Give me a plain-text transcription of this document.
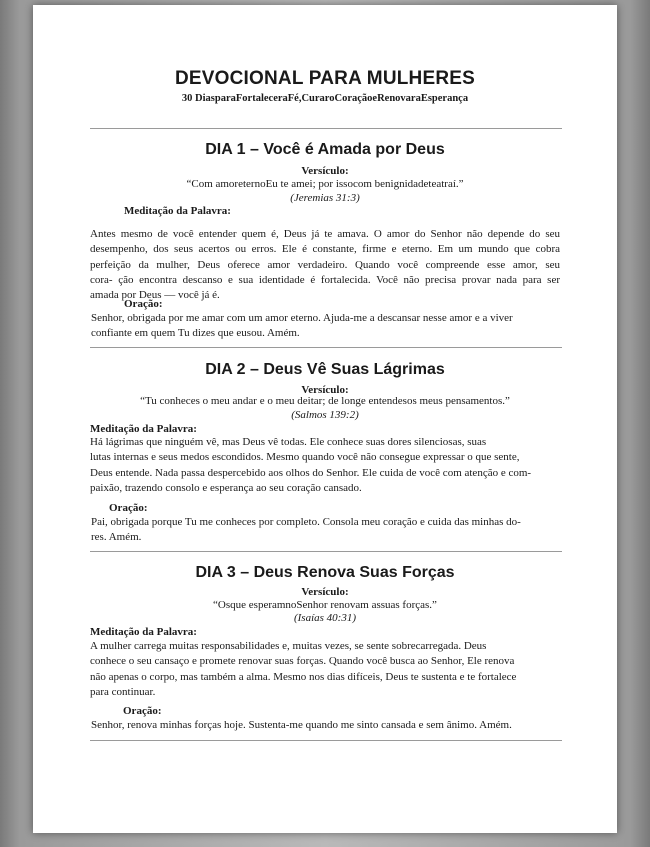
DEVOCIONAL PARA MULHERES
30 DiasparaFortaleceraFé,CuraroCoraçãoeRenovaraEsperança
DIA 1 – Você é Amada por Deus
Versículo:
“Com amoreternoEu te amei; por issocom benignidadeteatraí.”
(Jeremias 31:3)
Meditação da Palavra:
Antes mesmo de você entender quem é, Deus já te amava. O amor do Senhor não depende do seu
desempenho, dos seus acertos ou erros. Ele é constante, firme e eterno. Em um mundo que cobra
perfeição da mulher, Deus oferece amor verdadeiro. Quando você compreende esse amor, seu
cora- ção encontra descanso e sua identidade é fortalecida. Você não precisa provar nada para ser
amada por Deus — você já é.
Oração:
Senhor, obrigada por me amar com um amor eterno. Ajuda-me a descansar nesse amor e a viver
confiante em quem Tu dizes que eusou. Amém.
DIA 2 – Deus Vê Suas Lágrimas
Versículo:
“Tu conheces o meu andar e o meu deitar; de longe entendesos meus pensamentos.”
(Salmos 139:2)
Meditação da Palavra:
Há lágrimas que ninguém vê, mas Deus vê todas. Ele conhece suas dores silenciosas, suas
lutas internas e seus medos escondidos. Mesmo quando você não consegue expressar o que sente,
Deus entende. Nada passa despercebido aos olhos do Senhor. Ele cuida de você com atenção e com-
paixão, trazendo consolo e esperança ao seu coração cansado.
Oração:
Pai, obrigada porque Tu me conheces por completo. Consola meu coração e cuida das minhas do-
res. Amém.
DIA 3 – Deus Renova Suas Forças
Versículo:
“Osque esperamnoSenhor renovam assuas forças.”
(Isaías 40:31)
Meditação da Palavra:
A mulher carrega muitas responsabilidades e, muitas vezes, se sente sobrecarregada. Deus
conhece o seu cansaço e promete renovar suas forças. Quando você busca ao Senhor, Ele renova
não apenas o corpo, mas também a alma. Mesmo nos dias difíceis, Deus te sustenta e te fortalece
para continuar.
Oração:
Senhor, renova minhas forças hoje. Sustenta-me quando me sinto cansada e sem ânimo. Amém.
